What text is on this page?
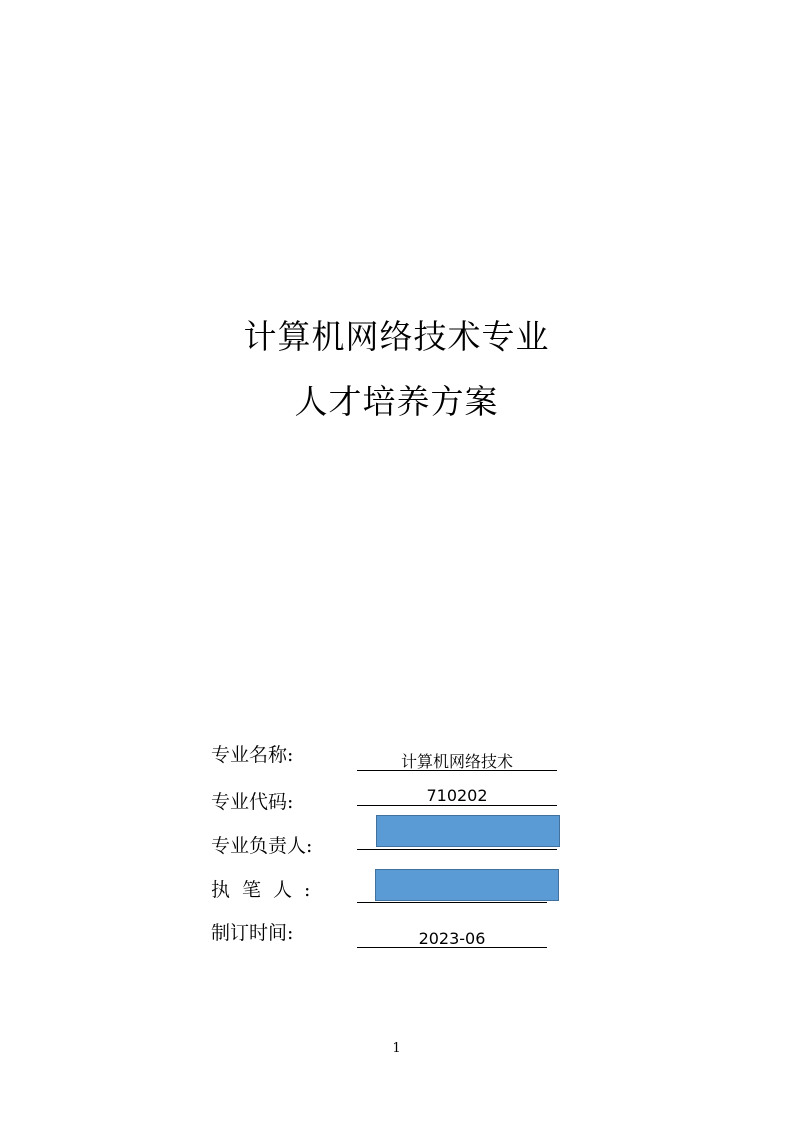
计算机网络技术专业
人才培养方案
专业名称:	计算机网络技术
专业代码:	710202
专业负责人:
执笔人:
制订时间:	2023-06
1
